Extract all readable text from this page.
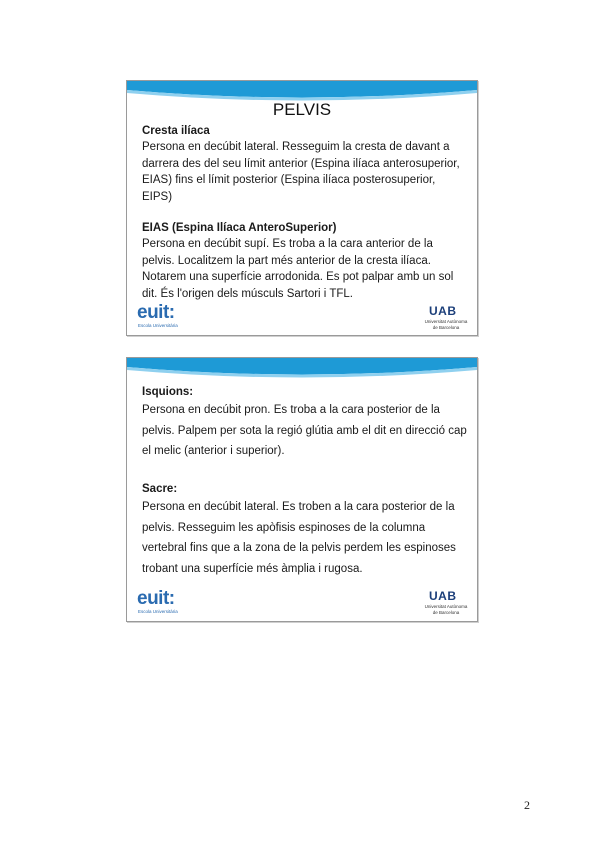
PELVIS

Cresta ilíaca

Persona en decúbit lateral. Resseguim la cresta de davant a darrera des del seu límit anterior (Espina ilíaca anterosuperior, EIAS) fins el límit posterior (Espina ilíaca posterosuperior, EIPS)

EIAS (Espina Ilíaca AnteroSuperior)

Persona en decúbit supí. Es troba a la cara anterior de la pelvis. Localitzem la part més anterior de la cresta ilíaca. Notarem una superfície arrodonida. Es pot palpar amb un sol dit. És l'origen dels músculs Sartori i TFL.

euit:
Escola Universitària
UAB
Universitat Autònoma de Barcelona

Isquions:

Persona en decúbit pron. Es troba a la cara posterior de la pelvis. Palpem per sota la regió glútia amb el dit en direcció cap el melic (anterior i superior).

Sacre:

Persona en decúbit lateral. Es troben a la cara posterior de la pelvis. Resseguim les apòfisis espinoses de la columna vertebral fins que a la zona de la pelvis perdem les espinoses trobant una superfície més àmplia i rugosa.

euit:
Escola Universitària
UAB
Universitat Autònoma de Barcelona
2
